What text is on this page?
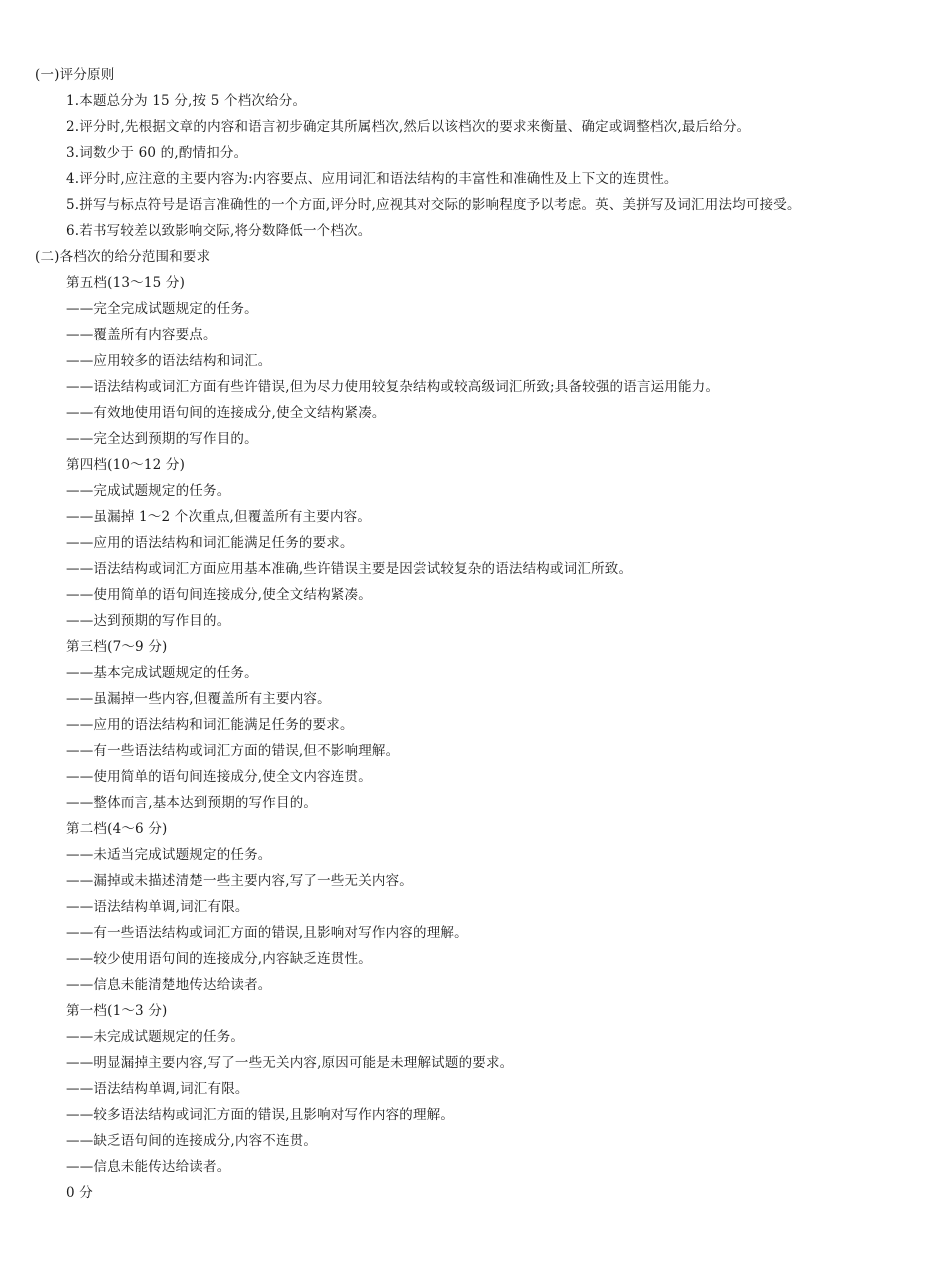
(一)评分原则
1.本题总分为 15 分,按 5 个档次给分。
2.评分时,先根据文章的内容和语言初步确定其所属档次,然后以该档次的要求来衡量、确定或调整档次,最后给分。
3.词数少于 60 的,酌情扣分。
4.评分时,应注意的主要内容为:内容要点、应用词汇和语法结构的丰富性和准确性及上下文的连贯性。
5.拼写与标点符号是语言准确性的一个方面,评分时,应视其对交际的影响程度予以考虑。英、美拼写及词汇用法均可接受。
6.若书写较差以致影响交际,将分数降低一个档次。
(二)各档次的给分范围和要求
第五档(13～15 分)
——完全完成试题规定的任务。
——覆盖所有内容要点。
——应用较多的语法结构和词汇。
——语法结构或词汇方面有些许错误,但为尽力使用较复杂结构或较高级词汇所致;具备较强的语言运用能力。
——有效地使用语句间的连接成分,使全文结构紧凑。
——完全达到预期的写作目的。
第四档(10～12 分)
——完成试题规定的任务。
——虽漏掉 1～2 个次重点,但覆盖所有主要内容。
——应用的语法结构和词汇能满足任务的要求。
——语法结构或词汇方面应用基本准确,些许错误主要是因尝试较复杂的语法结构或词汇所致。
——使用简单的语句间连接成分,使全文结构紧凑。
——达到预期的写作目的。
第三档(7～9 分)
——基本完成试题规定的任务。
——虽漏掉一些内容,但覆盖所有主要内容。
——应用的语法结构和词汇能满足任务的要求。
——有一些语法结构或词汇方面的错误,但不影响理解。
——使用简单的语句间连接成分,使全文内容连贯。
——整体而言,基本达到预期的写作目的。
第二档(4～6 分)
——未适当完成试题规定的任务。
——漏掉或未描述清楚一些主要内容,写了一些无关内容。
——语法结构单调,词汇有限。
——有一些语法结构或词汇方面的错误,且影响对写作内容的理解。
——较少使用语句间的连接成分,内容缺乏连贯性。
——信息未能清楚地传达给读者。
第一档(1～3 分)
——未完成试题规定的任务。
——明显漏掉主要内容,写了一些无关内容,原因可能是未理解试题的要求。
——语法结构单调,词汇有限。
——较多语法结构或词汇方面的错误,且影响对写作内容的理解。
——缺乏语句间的连接成分,内容不连贯。
——信息未能传达给读者。
0 分
